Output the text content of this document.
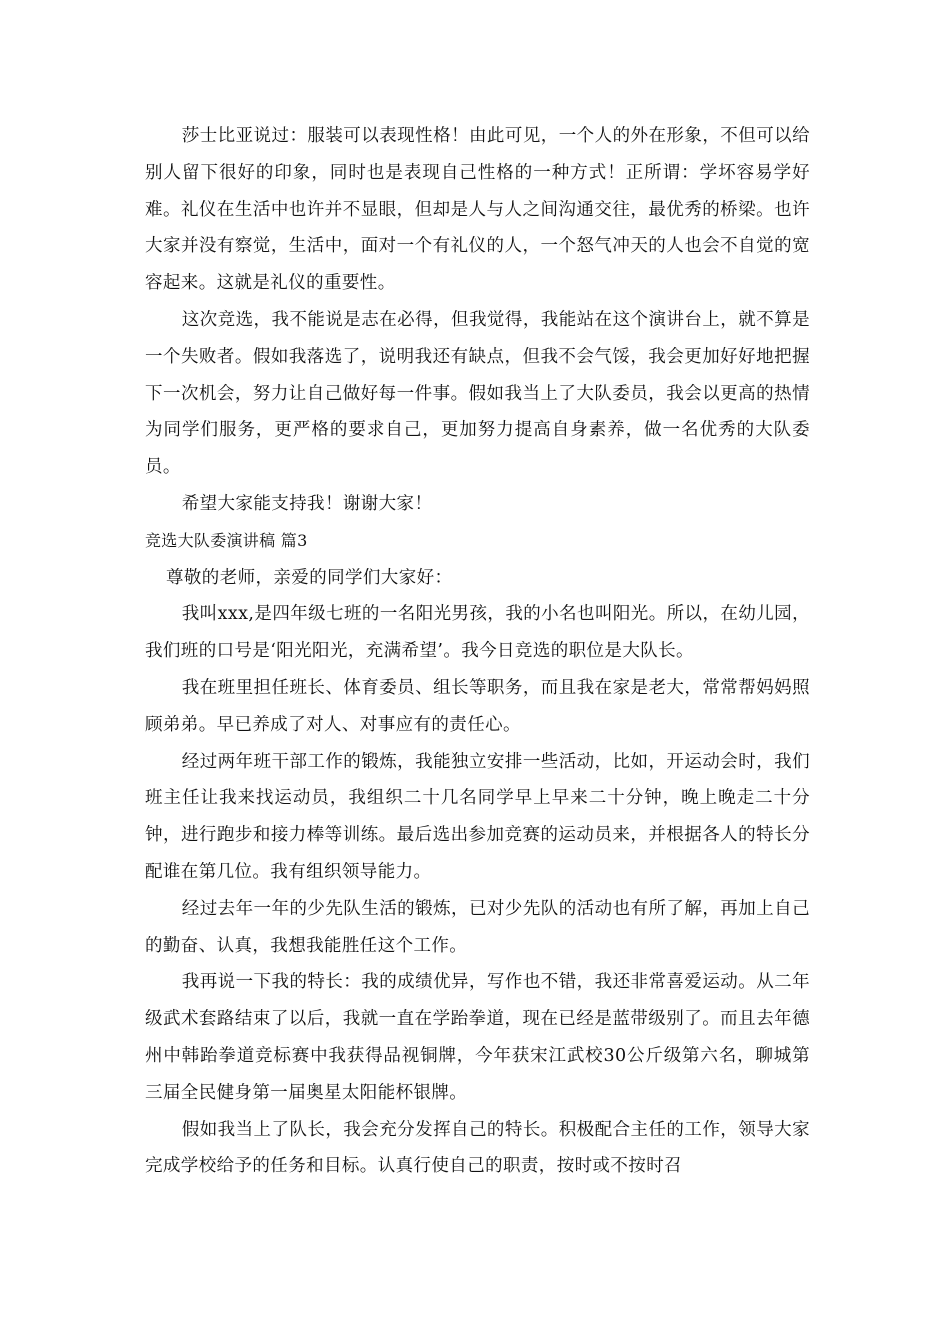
莎士比亚说过：服装可以表现性格！由此可见，一个人的外在形象，不但可以给别人留下很好的印象，同时也是表现自己性格的一种方式！正所谓：学坏容易学好难。礼仪在生活中也许并不显眼，但却是人与人之间沟通交往，最优秀的桥梁。也许大家并没有察觉，生活中，面对一个有礼仪的人，一个怒气冲天的人也会不自觉的宽容起来。这就是礼仪的重要性。

这次竞选，我不能说是志在必得，但我觉得，我能站在这个演讲台上，就不算是一个失败者。假如我落选了，说明我还有缺点，但我不会气馁，我会更加好好地把握下一次机会，努力让自己做好每一件事。假如我当上了大队委员，我会以更高的热情为同学们服务，更严格的要求自己，更加努力提高自身素养，做一名优秀的大队委员。

希望大家能支持我！谢谢大家！

竞选大队委演讲稿 篇3

尊敬的老师，亲爱的同学们大家好：

我叫xxx,是四年级七班的一名阳光男孩，我的小名也叫阳光。所以，在幼儿园，我们班的口号是‘阳光阳光，充满希望’。我今日竞选的职位是大队长。

我在班里担任班长、体育委员、组长等职务，而且我在家是老大，常常帮妈妈照顾弟弟。早已养成了对人、对事应有的责任心。

经过两年班干部工作的锻炼，我能独立安排一些活动，比如，开运动会时，我们班主任让我来找运动员，我组织二十几名同学早上早来二十分钟，晚上晚走二十分钟，进行跑步和接力棒等训练。最后选出参加竞赛的运动员来，并根据各人的特长分配谁在第几位。我有组织领导能力。

经过去年一年的少先队生活的锻炼，已对少先队的活动也有所了解，再加上自己的勤奋、认真，我想我能胜任这个工作。

我再说一下我的特长：我的成绩优异，写作也不错，我还非常喜爱运动。从二年级武术套路结束了以后，我就一直在学跆拳道，现在已经是蓝带级别了。而且去年德州中韩跆拳道竞标赛中我获得品视铜牌，今年获宋江武校30公斤级第六名，聊城第三届全民健身第一届奥星太阳能杯银牌。

假如我当上了队长，我会充分发挥自己的特长。积极配合主任的工作，领导大家完成学校给予的任务和目标。认真行使自己的职责，按时或不按时召
